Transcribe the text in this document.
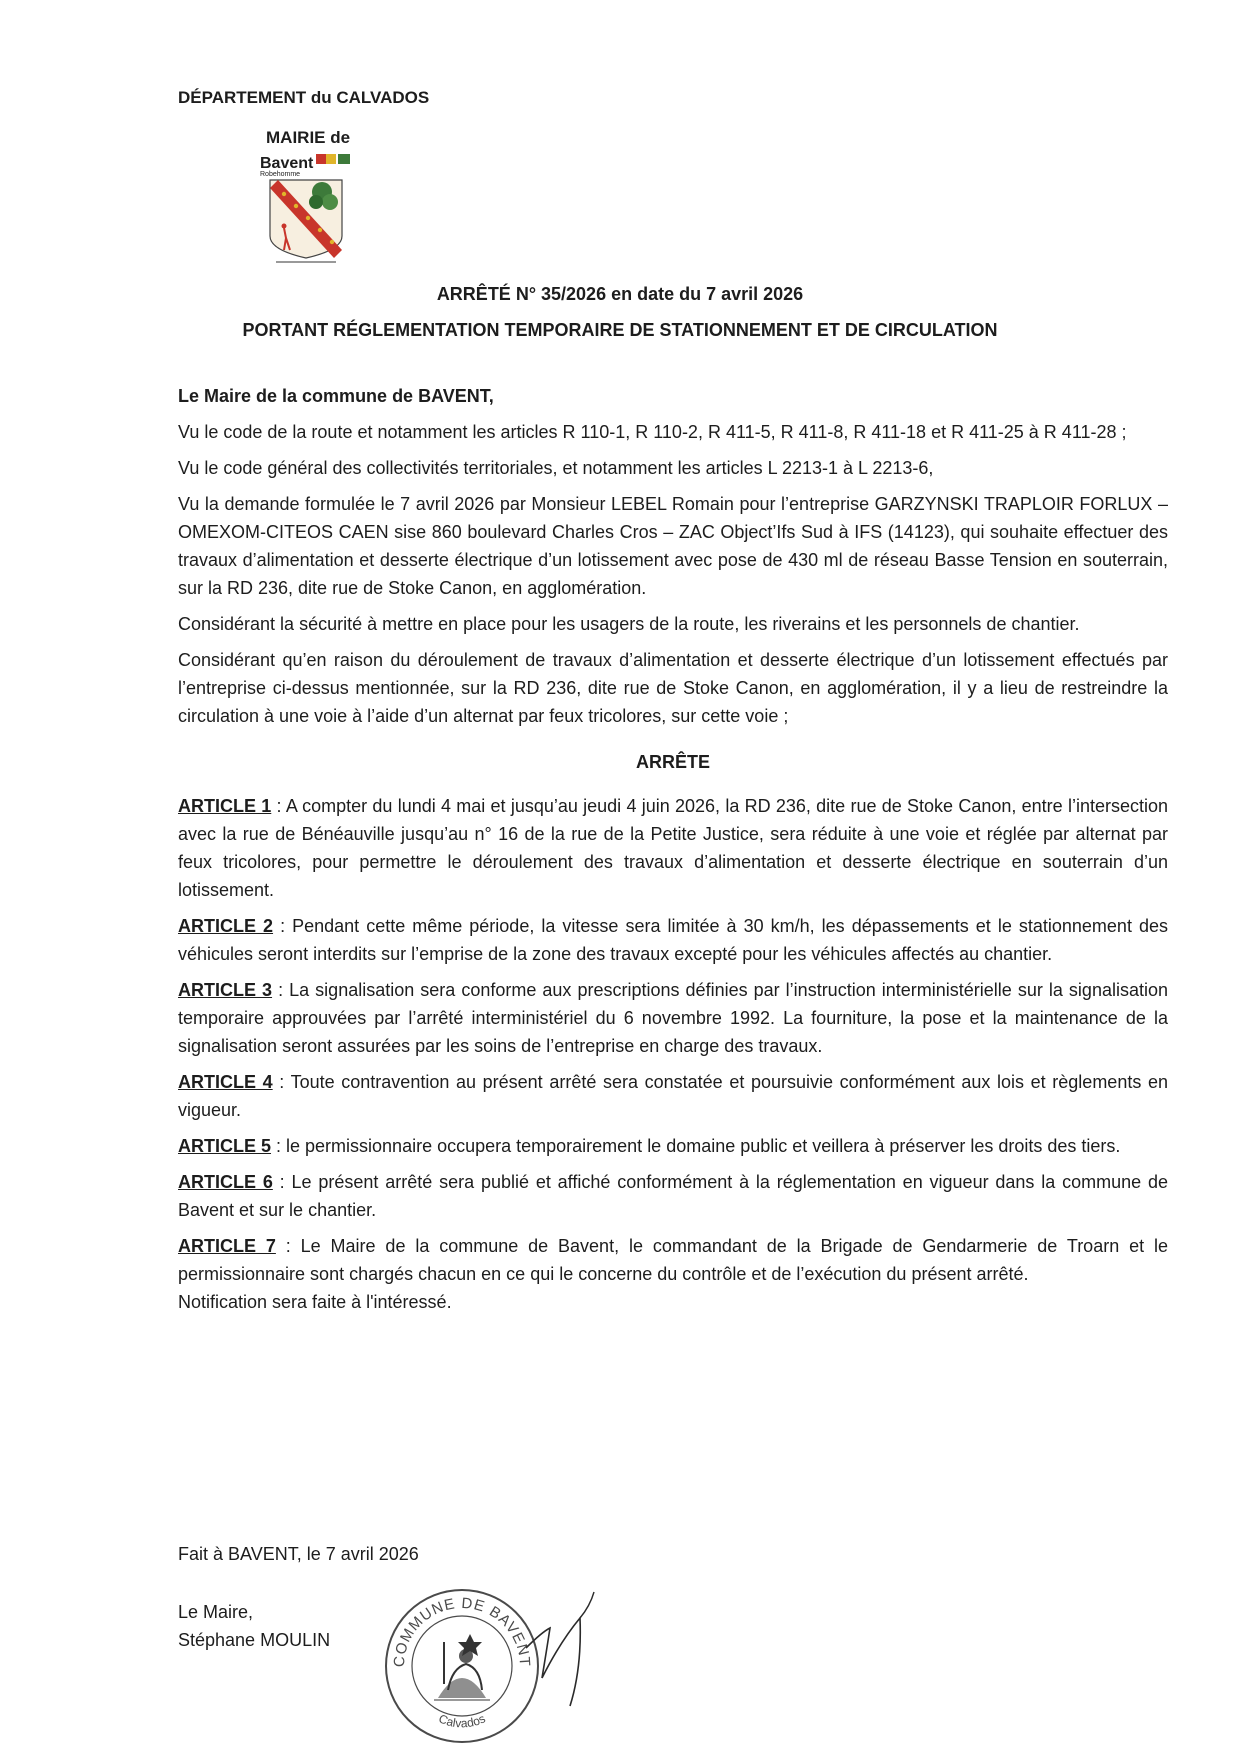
DÉPARTEMENT du CALVADOS
MAIRIE de
Bavent
Robehomme
ARRÊTÉ N° 35/2026 en date du 7 avril 2026
PORTANT RÉGLEMENTATION TEMPORAIRE DE STATIONNEMENT ET DE CIRCULATION

Le Maire de la commune de BAVENT,

Vu le code de la route et notamment les articles R 110-1, R 110-2, R 411-5, R 411-8, R 411-18 et R 411-25 à R 411-28 ;

Vu le code général des collectivités territoriales, et notamment les articles L 2213-1 à L 2213-6,

Vu la demande formulée le 7 avril 2026 par Monsieur LEBEL Romain pour l’entreprise GARZYNSKI TRAPLOIR FORLUX – OMEXOM-CITEOS CAEN sise 860 boulevard Charles Cros – ZAC Object’Ifs Sud à IFS (14123), qui souhaite effectuer des travaux d’alimentation et desserte électrique d’un lotissement avec pose de 430 ml de réseau Basse Tension en souterrain, sur la RD 236, dite rue de Stoke Canon, en agglomération.

Considérant la sécurité à mettre en place pour les usagers de la route, les riverains et les personnels de chantier.

Considérant qu’en raison du déroulement de travaux d’alimentation et desserte électrique d’un lotissement effectués par l’entreprise ci-dessus mentionnée, sur la RD 236, dite rue de Stoke Canon, en agglomération, il y a lieu de restreindre la circulation à une voie à l’aide d’un alternat par feux tricolores, sur cette voie ;

ARRÊTE

ARTICLE 1 : A compter du lundi 4 mai et jusqu’au jeudi 4 juin 2026, la RD 236, dite rue de Stoke Canon, entre l’intersection avec la rue de Bénéauville jusqu’au n° 16 de la rue de la Petite Justice, sera réduite à une voie et réglée par alternat par feux tricolores, pour permettre le déroulement des travaux d’alimentation et desserte électrique en souterrain d’un lotissement.

ARTICLE 2 : Pendant cette même période, la vitesse sera limitée à 30 km/h, les dépassements et le stationnement des véhicules seront interdits sur l’emprise de la zone des travaux excepté pour les véhicules affectés au chantier.

ARTICLE 3 : La signalisation sera conforme aux prescriptions définies par l’instruction interministérielle sur la signalisation temporaire approuvées par l’arrêté interministériel du 6 novembre 1992. La fourniture, la pose et la maintenance de la signalisation seront assurées par les soins de l’entreprise en charge des travaux.

ARTICLE 4 : Toute contravention au présent arrêté sera constatée et poursuivie conformément aux lois et règlements en vigueur.

ARTICLE 5 : le permissionnaire occupera temporairement le domaine public et veillera à préserver les droits des tiers.

ARTICLE 6 : Le présent arrêté sera publié et affiché conformément à la réglementation en vigueur dans la commune de Bavent et sur le chantier.

ARTICLE 7 : Le Maire de la commune de Bavent, le commandant de la Brigade de Gendarmerie de Troarn et le permissionnaire sont chargés chacun en ce qui le concerne du contrôle et de l’exécution du présent arrêté.

Notification sera faite à l'intéressé.

Fait à BAVENT, le 7 avril 2026
Le Maire,
Stéphane MOULIN
COMMUNE DE BAVENT
Calvados
